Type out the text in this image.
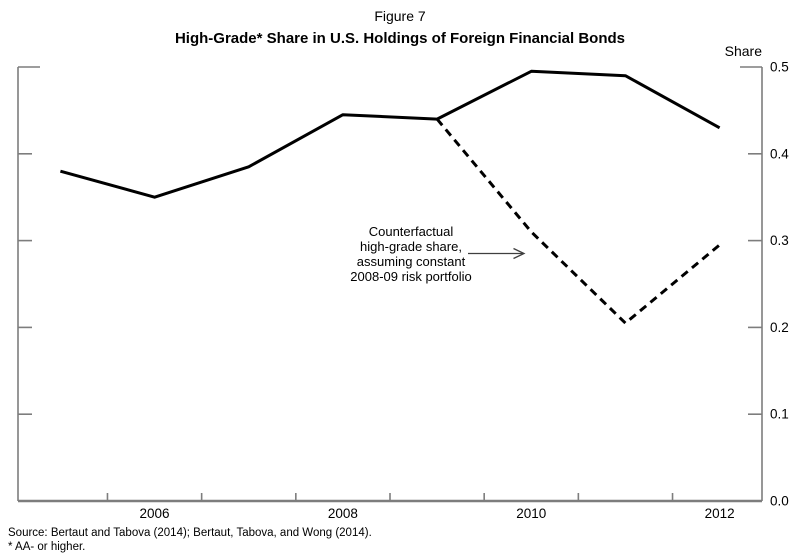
Figure 7
High-Grade* Share in U.S. Holdings of Foreign Financial Bonds
Share
0.0
0.1
0.2
0.3
0.4
0.5
2006	2008	2010	2012
Counterfactual
high-grade share,
assuming constant
2008-09 risk portfolio
Source: Bertaut and Tabova (2014); Bertaut, Tabova, and Wong (2014).
* AA- or higher.
